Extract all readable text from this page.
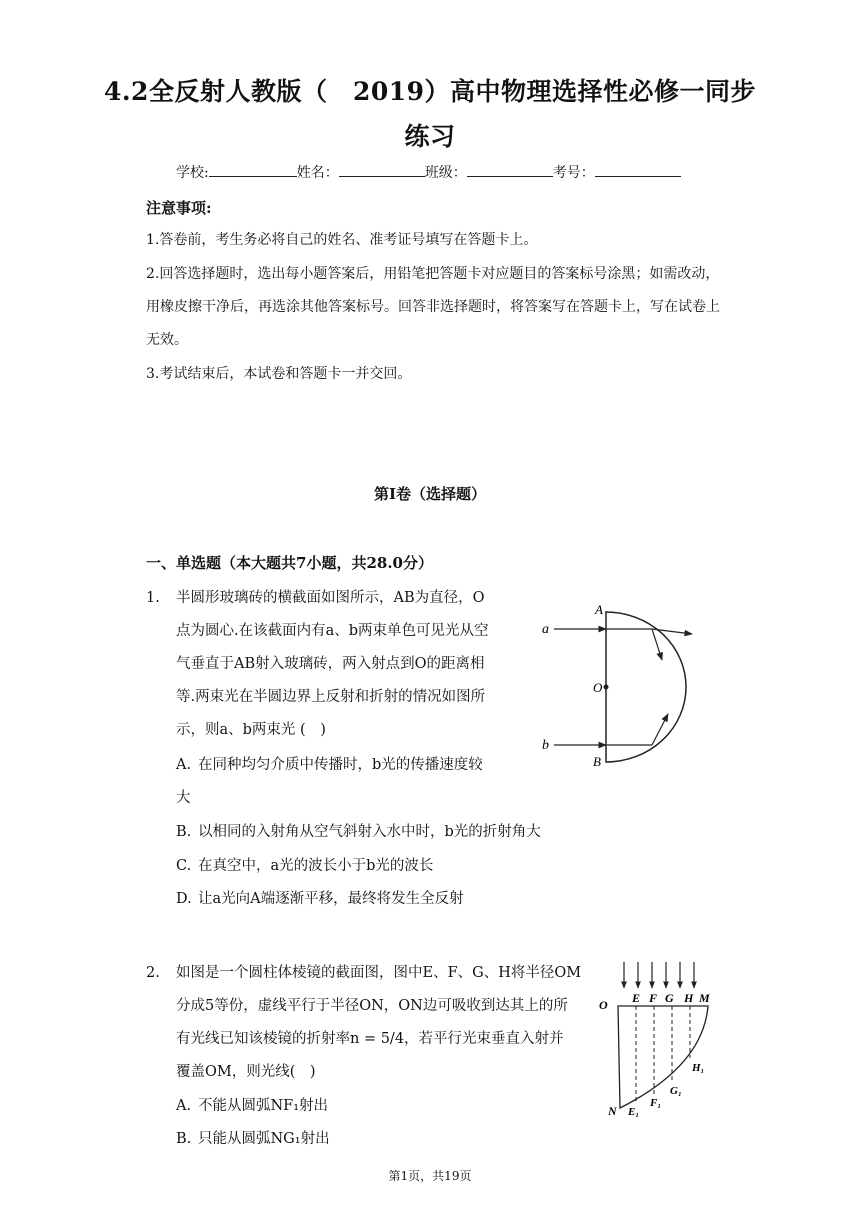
4.2全反射人教版（　2019）高中物理选择性必修一同步
练习
学校:	姓名：	班级：	考号：
注意事项:
1.答卷前，考生务必将自己的姓名、准考证号填写在答题卡上。
2.回答选择题时，选出每小题答案后，用铅笔把答题卡对应题目的答案标号涂黑；如需改动，用橡皮擦干净后，再选涂其他答案标号。回答非选择题时，将答案写在答题卡上，写在试卷上无效。
3.考试结束后，本试卷和答题卡一并交回。
第I卷（选择题）
一、单选题（本大题共7小题，共28.0分）
1. 半圆形玻璃砖的横截面如图所示，AB为直径，O
点为圆心.在该截面内有a、b两束单色可见光从空
气垂直于AB射入玻璃砖，两入射点到O的距离相
等.两束光在半圆边界上反射和折射的情况如图所
示，则a、b两束光 (　)
A. 在同种均匀介质中传播时，b光的传播速度较
大
B. 以相同的入射角从空气斜射入水中时，b光的折射角大
C. 在真空中，a光的波长小于b光的波长
D. 让a光向A端逐渐平移，最终将发生全反射
A
B
O
a
b
2. 如图是一个圆柱体棱镜的截面图，图中E、F、G、H将半径OM
分成5等份，虚线平行于半径ON，ON边可吸收到达其上的所
有光线已知该棱镜的折射率n = 5/4，若平行光束垂直入射并
覆盖OM，则光线(　)
A. 不能从圆弧NF₁射出
B. 只能从圆弧NG₁射出
O E F G H M
N E₁
F₁
G₁
H₁
第1页，共19页
